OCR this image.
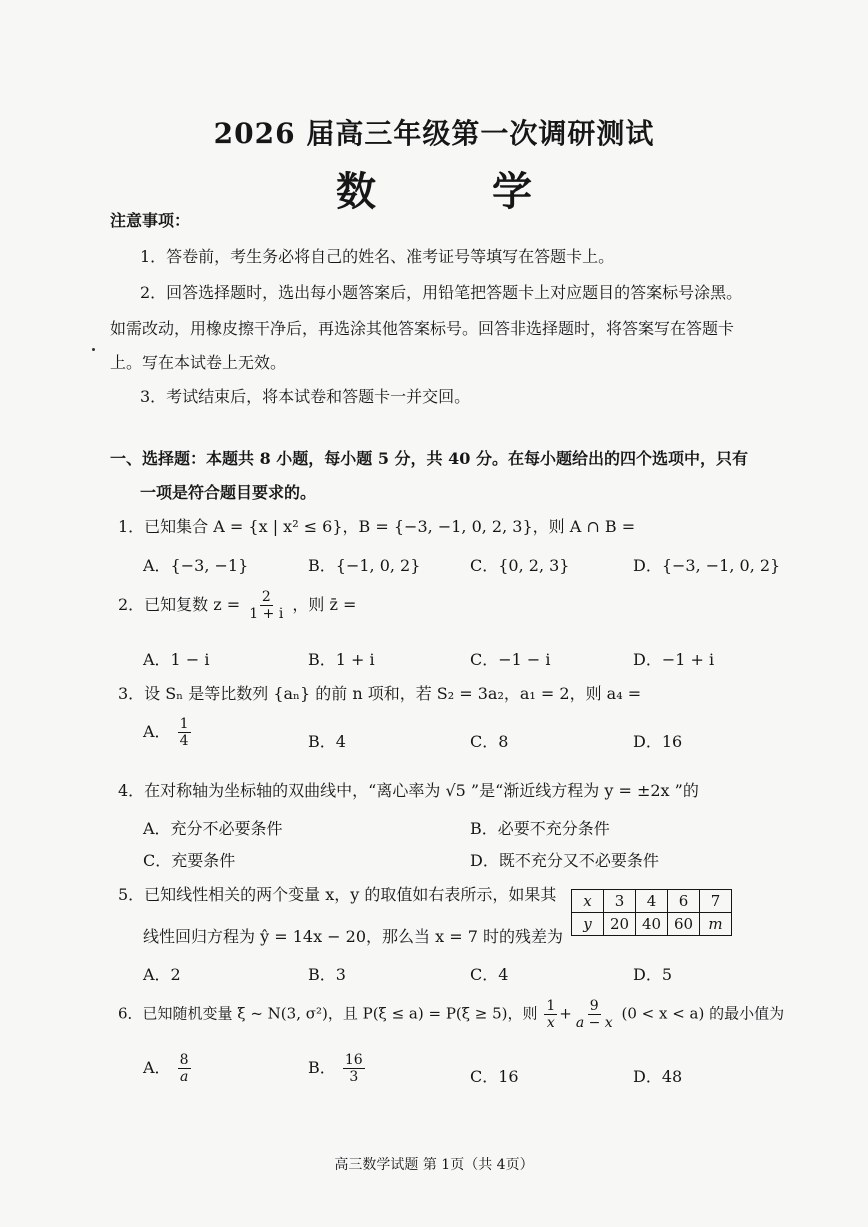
2026 届高三年级第一次调研测试
数　学
注意事项：
1．答卷前，考生务必将自己的姓名、准考证号等填写在答题卡上。
2．回答选择题时，选出每小题答案后，用铅笔把答题卡上对应题目的答案标号涂黑。
如需改动，用橡皮擦干净后，再选涂其他答案标号。回答非选择题时，将答案写在答题卡
上。写在本试卷上无效。
3．考试结束后，将本试卷和答题卡一并交回。
一、选择题：本题共 8 小题，每小题 5 分，共 40 分。在每小题给出的四个选项中，只有
一项是符合题目要求的。
1．已知集合 A = {x | x² ≤ 6}，B = {−3, −1, 0, 2, 3}，则 A ∩ B =
A．{−3, −1}	B．{−1, 0, 2}	C．{0, 2, 3}	D．{−3, −1, 0, 2}
2．已知复数 $z = \frac{2}{1 + i}$ ，则 z̄ =
A．1 − i	B．1 + i	C．−1 − i	D．−1 + i
3．设 Sₙ 是等比数列 {aₙ} 的前 n 项和，若 S₂ = 3a₂，a₁ = 2，则 a₄ =
A． $\frac{1}{4}$	B．4	C．8	D．16
4．在对称轴为坐标轴的双曲线中，“离心率为 √5 ”是“渐近线方程为 y = ±2x ”的
A．充分不必要条件	B．必要不充分条件
C．充要条件	D．既不充分又不必要条件
5．已知线性相关的两个变量 x，y 的取值如右表所示，如果其
线性回归方程为 ŷ = 14x − 20，那么当 x = 7 时的残差为
x	3	4	6	7
y	20	40	60	m
A．2	B．3	C．4	D．5
6．已知随机变量 ξ ~ N(3, σ²)，且 P(ξ ≤ a) = P(ξ ≥ 5)，则 $\frac{1}{x} + \frac{9}{a - x} (0 < x < a)$ 的最小值为
A． $\frac{8}{a}$	B． $\frac{16}{3}$	C．16	D．48
高三数学试题 第 1页（共 4页）
